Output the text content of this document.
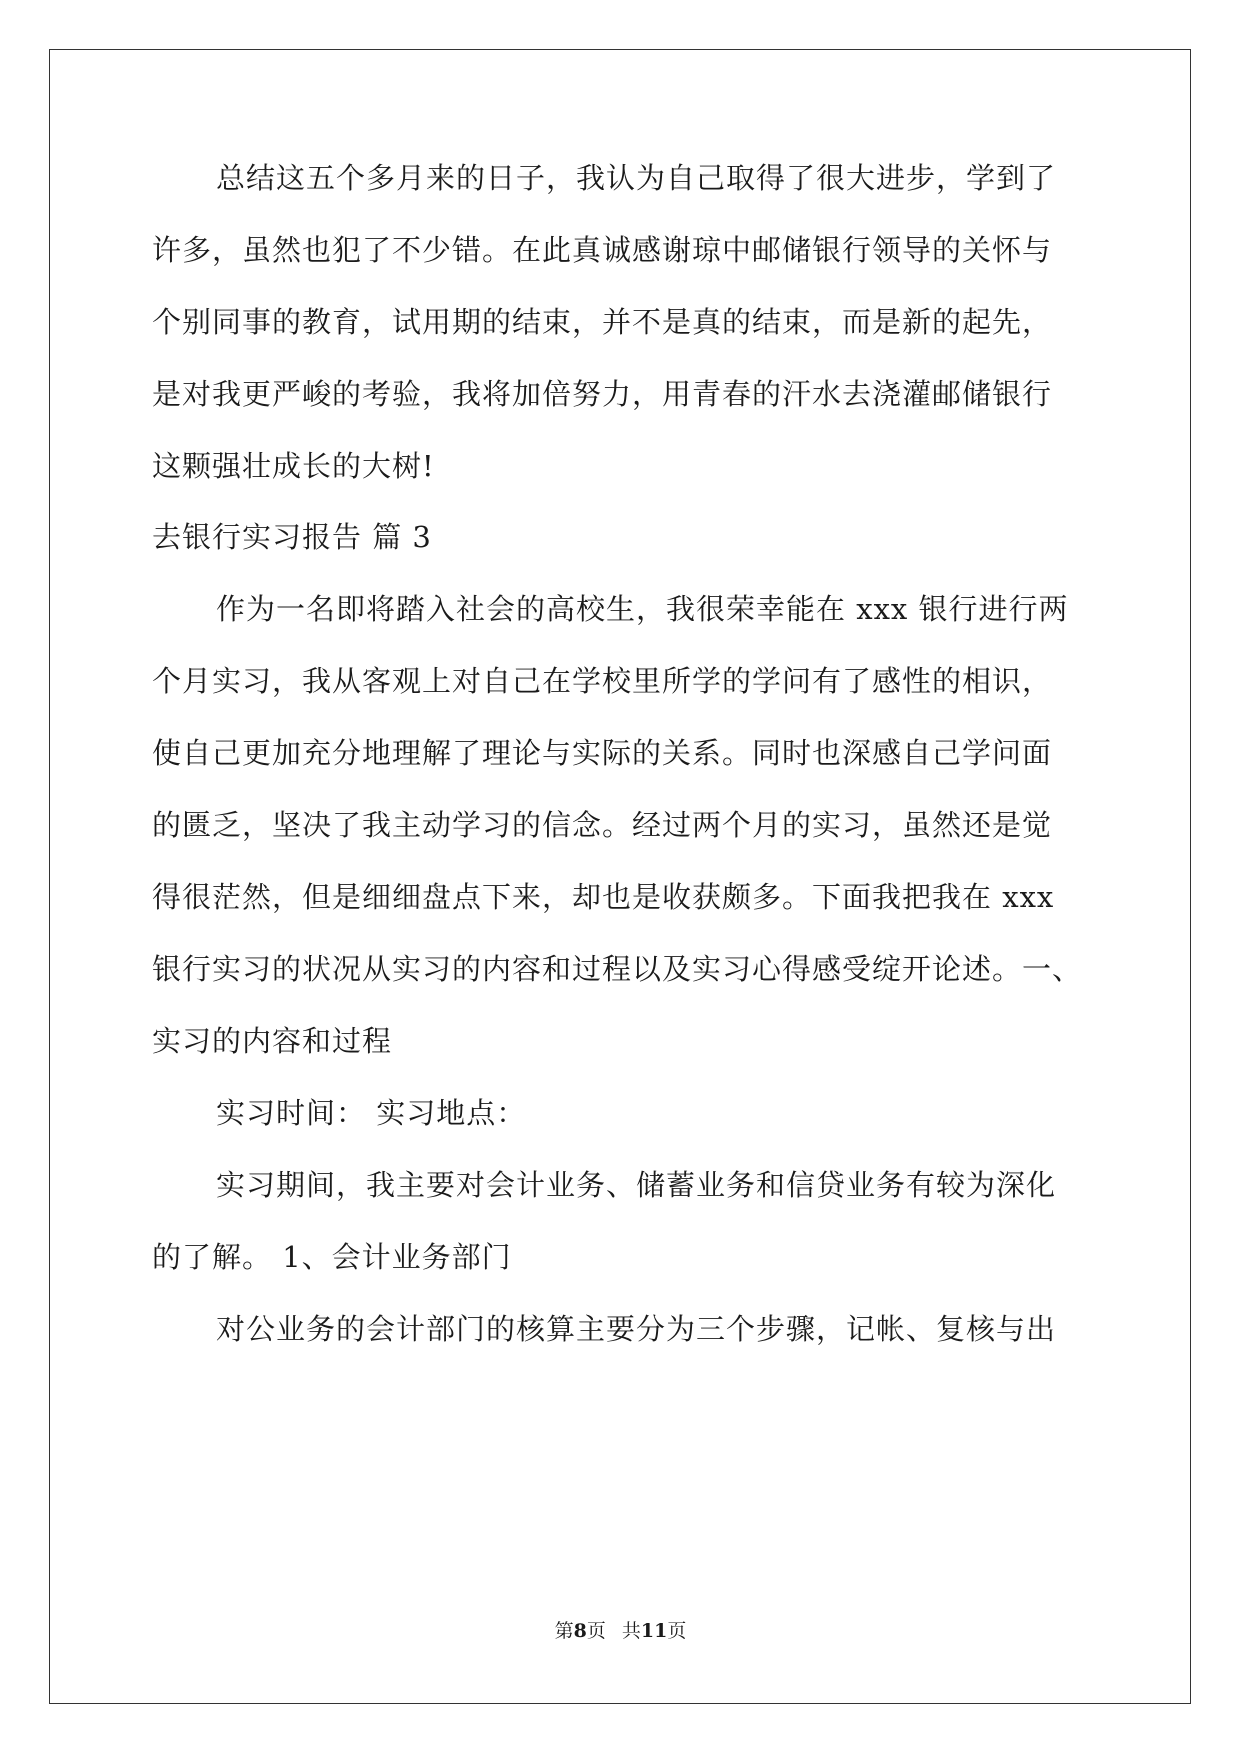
总结这五个多月来的日子，我认为自己取得了很大进步，学到了
许多，虽然也犯了不少错。在此真诚感谢琼中邮储银行领导的关怀与
个别同事的教育，试用期的结束，并不是真的结束，而是新的起先，
是对我更严峻的考验，我将加倍努力，用青春的汗水去浇灌邮储银行
这颗强壮成长的大树!
去银行实习报告 篇 3
作为一名即将踏入社会的高校生，我很荣幸能在 xxx 银行进行两
个月实习，我从客观上对自己在学校里所学的学问有了感性的相识，
使自己更加充分地理解了理论与实际的关系。同时也深感自己学问面
的匮乏，坚决了我主动学习的信念。经过两个月的实习，虽然还是觉
得很茫然，但是细细盘点下来，却也是收获颇多。下面我把我在 xxx
银行实习的状况从实习的内容和过程以及实习心得感受绽开论述。一、
实习的内容和过程
实习时间： 实习地点：
实习期间，我主要对会计业务、储蓄业务和信贷业务有较为深化
的了解。 1、会计业务部门
对公业务的会计部门的核算主要分为三个步骤，记帐、复核与出
第8页 共11页
